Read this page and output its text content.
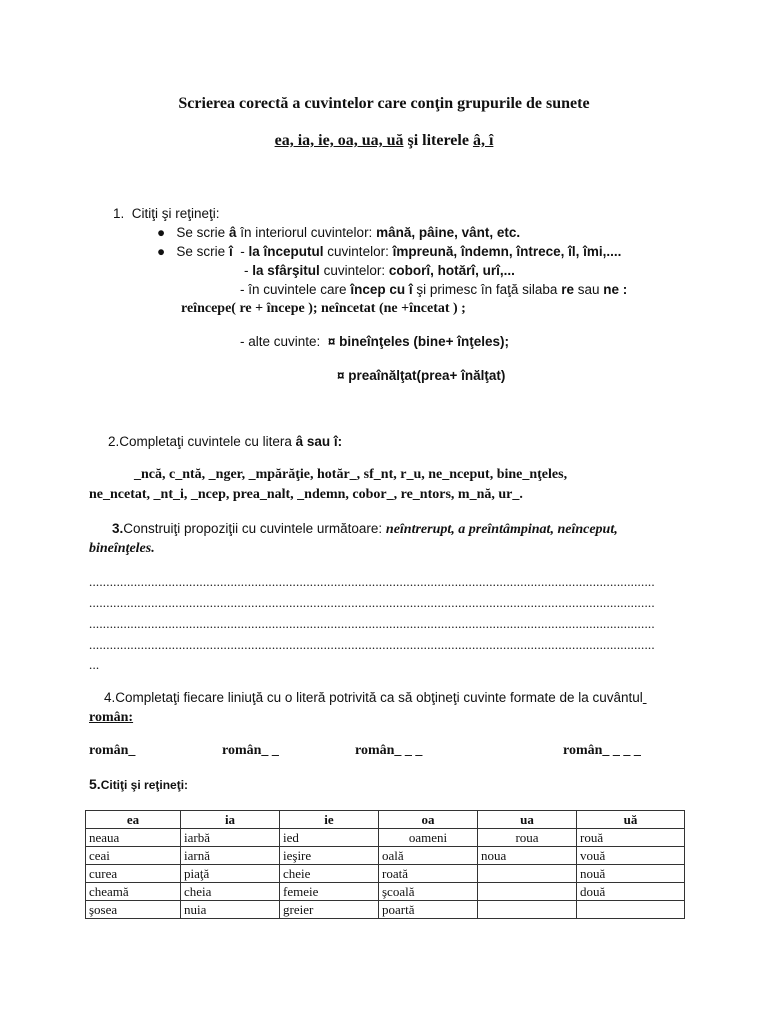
Scrierea corectă a cuvintelor care conţin grupurile de sunete
ea, ia, ie, oa, ua, uă şi literele â, î
1. Citiţi şi reţineţi:
● Se scrie â în interiorul cuvintelor: mână, pâine, vânt, etc.
● Se scrie î - la începutul cuvintelor: împreună, îndemn, întrece, îl, îmi,....
- la sfârşitul cuvintelor: coborî, hotărî, urî,...
- în cuvintele care încep cu î şi primesc în faţă silaba re sau ne :
reîncepe( re + începe ); neîncetat (ne +încetat ) ;
- alte cuvinte: ¤ bineînţeles (bine+ înţeles);
¤ preaînălţat(prea+ înălţat)
2.Completaţi cuvintele cu litera â sau î:
_ncă, c_ntă, _nger, _mpărăţie, hotăr_, sf_nt, r_u, ne_nceput, bine_nţeles,
ne_ncetat, _nt_i, _ncep, prea_nalt, _ndemn, cobor_, re_ntors, m_nă, ur_.
3.Construiţi propoziţii cu cuvintele următoare: neîntrerupt, a preîntâmpinat, neînceput,
bineînţeles.
....................................................................................................................................................................
....................................................................................................................................................................
....................................................................................................................................................................
....................................................................................................................................................................
...
4.Completaţi fiecare liniuţă cu o literă potrivită ca să obţineţi cuvinte formate de la cuvântul
român:
român_	român_ _	român_ _ _	român_ _ _ _
5.Citiţi şi reţineţi:
ea	ia	ie	oa	ua	uă
neaua	iarbă	ied	oameni	roua	rouă
ceai	iarnă	ieşire	oală	noua	vouă
curea	piaţă	cheie	roată		nouă
cheamă	cheia	femeie	şcoală		două
şosea	nuia	greier	poartă		
